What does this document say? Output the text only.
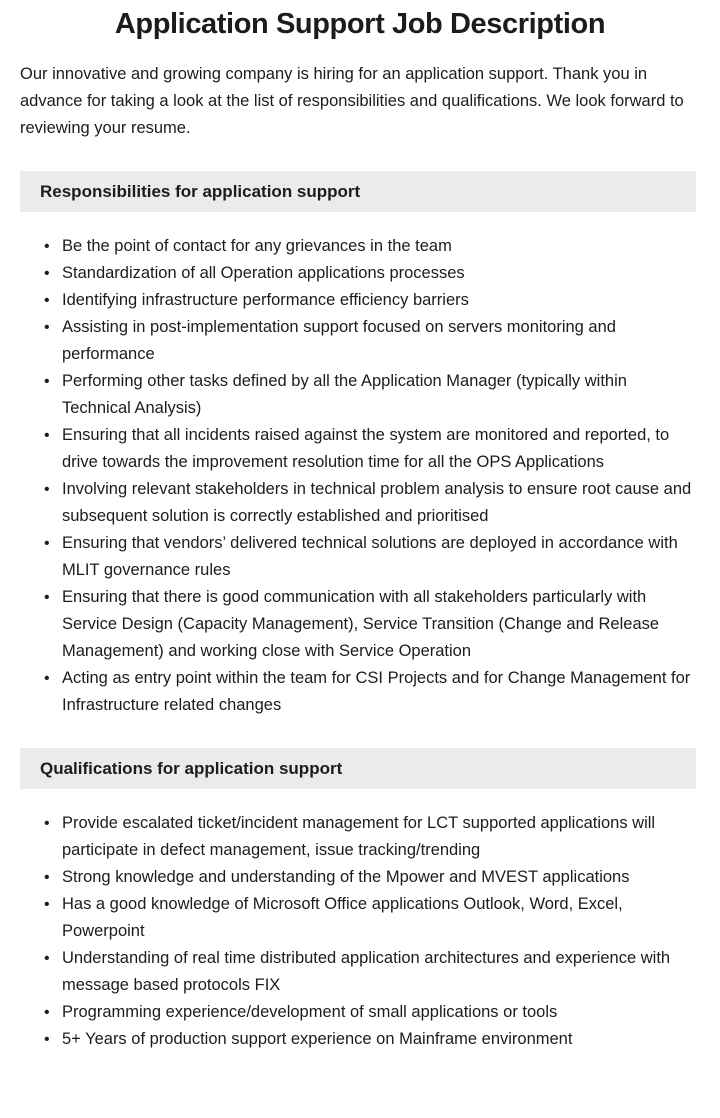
Application Support Job Description

Our innovative and growing company is hiring for an application support. Thank you in advance for taking a look at the list of responsibilities and qualifications. We look forward to reviewing your resume.

Responsibilities for application support
• Be the point of contact for any grievances in the team
• Standardization of all Operation applications processes
• Identifying infrastructure performance efficiency barriers
• Assisting in post-implementation support focused on servers monitoring and performance
• Performing other tasks defined by all the Application Manager (typically within Technical Analysis)
• Ensuring that all incidents raised against the system are monitored and reported, to drive towards the improvement resolution time for all the OPS Applications
• Involving relevant stakeholders in technical problem analysis to ensure root cause and subsequent solution is correctly established and prioritised
• Ensuring that vendors’ delivered technical solutions are deployed in accordance with MLIT governance rules
• Ensuring that there is good communication with all stakeholders particularly with Service Design (Capacity Management), Service Transition (Change and Release Management) and working close with Service Operation
• Acting as entry point within the team for CSI Projects and for Change Management for Infrastructure related changes
Qualifications for application support
• Provide escalated ticket/incident management for LCT supported applications will participate in defect management, issue tracking/trending
• Strong knowledge and understanding of the Mpower and MVEST applications
• Has a good knowledge of Microsoft Office applications Outlook, Word, Excel, Powerpoint
• Understanding of real time distributed application architectures and experience with message based protocols FIX
• Programming experience/development of small applications or tools
• 5+ Years of production support experience on Mainframe environment
